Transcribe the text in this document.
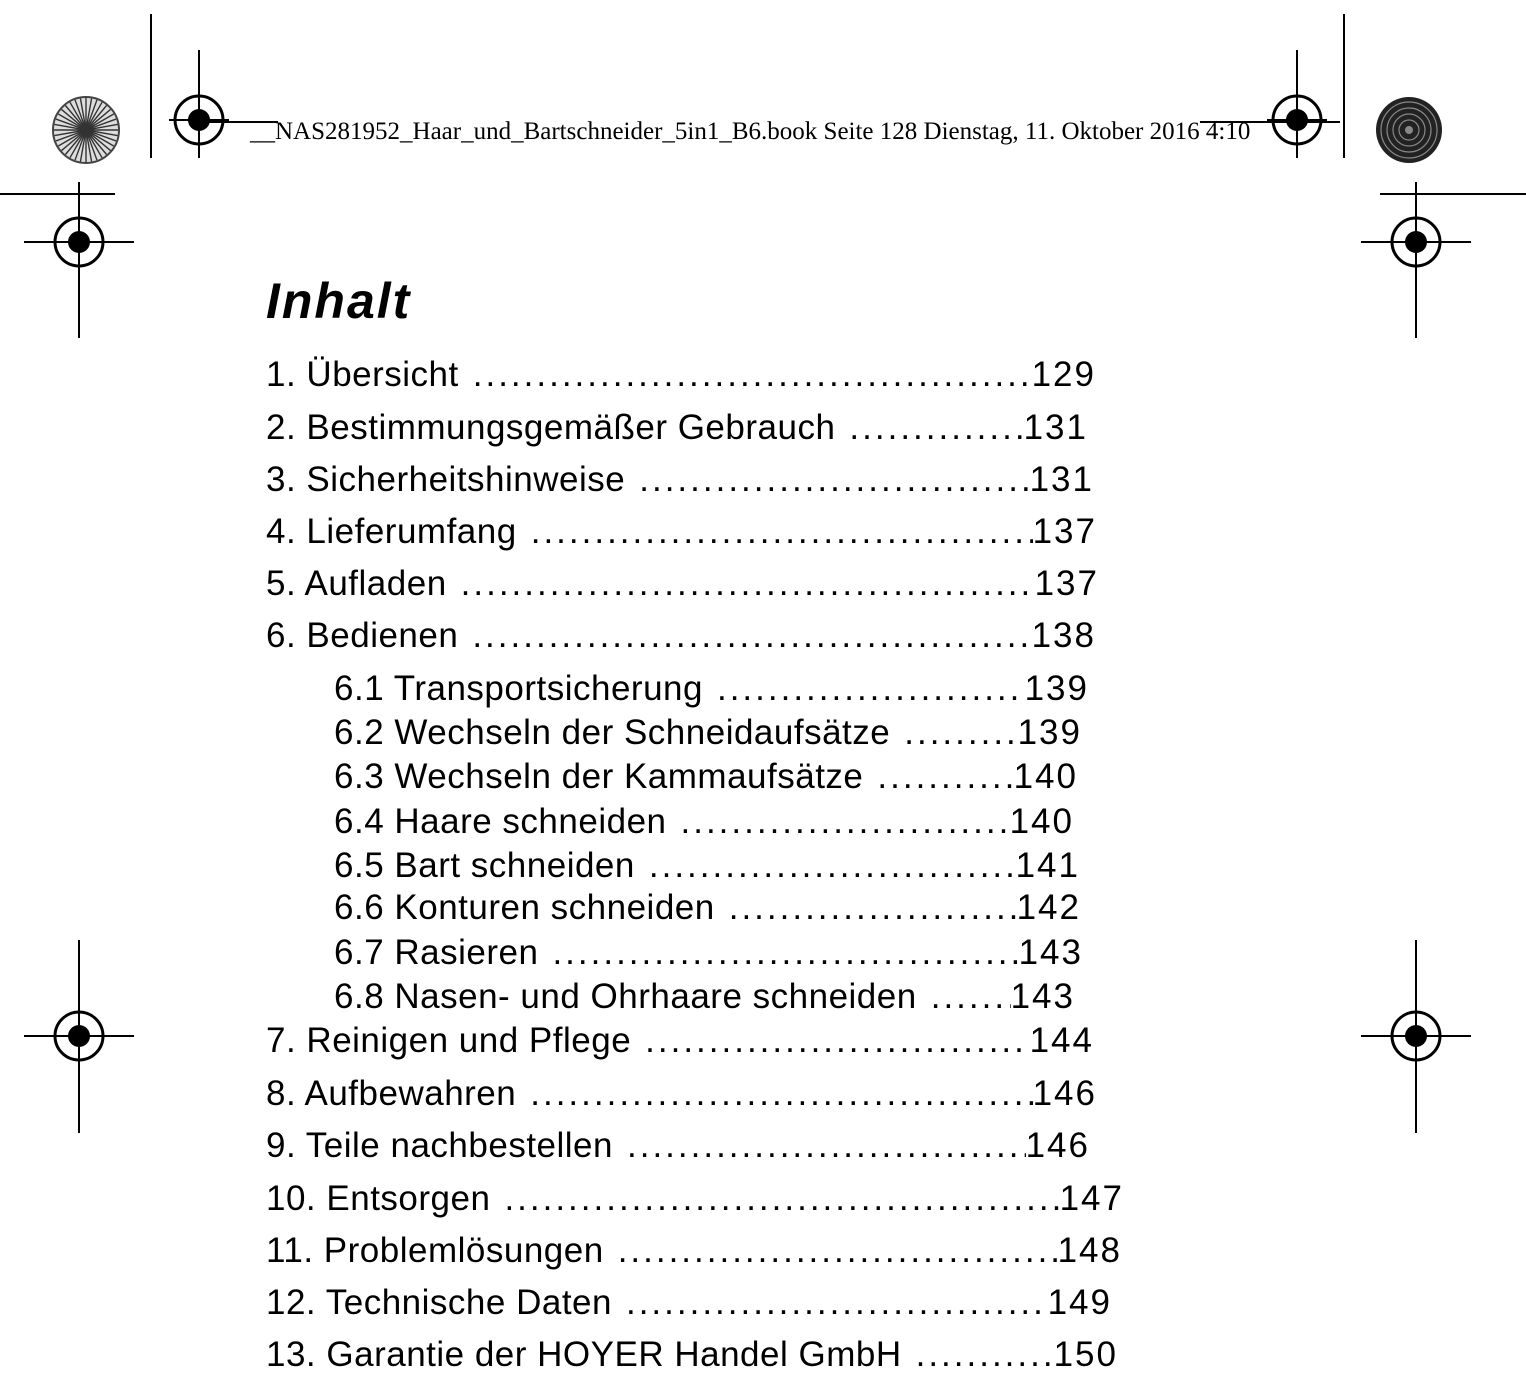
__NAS281952_Haar_und_Bartschneider_5in1_B6.book Seite 128 Dienstag, 11. Oktober 2016 4:10
Inhalt
1. Übersicht .....	129
2. Bestimmungsgemäßer Gebrauch .....	131
3. Sicherheitshinweise .....	131
4. Lieferumfang .....	137
5. Aufladen .....	137
6. Bedienen .....	138
6.1 Transportsicherung .....	139
6.2 Wechseln der Schneidaufsätze .....	139
6.3 Wechseln der Kammaufsätze .....	140
6.4 Haare schneiden .....	140
6.5 Bart schneiden .....	141
6.6 Konturen schneiden .....	142
6.7 Rasieren .....	143
6.8 Nasen- und Ohrhaare schneiden .....	143
7. Reinigen und Pflege .....	144
8. Aufbewahren .....	146
9. Teile nachbestellen .....	146
10. Entsorgen .....	147
11. Problemlösungen .....	148
12. Technische Daten .....	149
13. Garantie der HOYER Handel GmbH .....	150
